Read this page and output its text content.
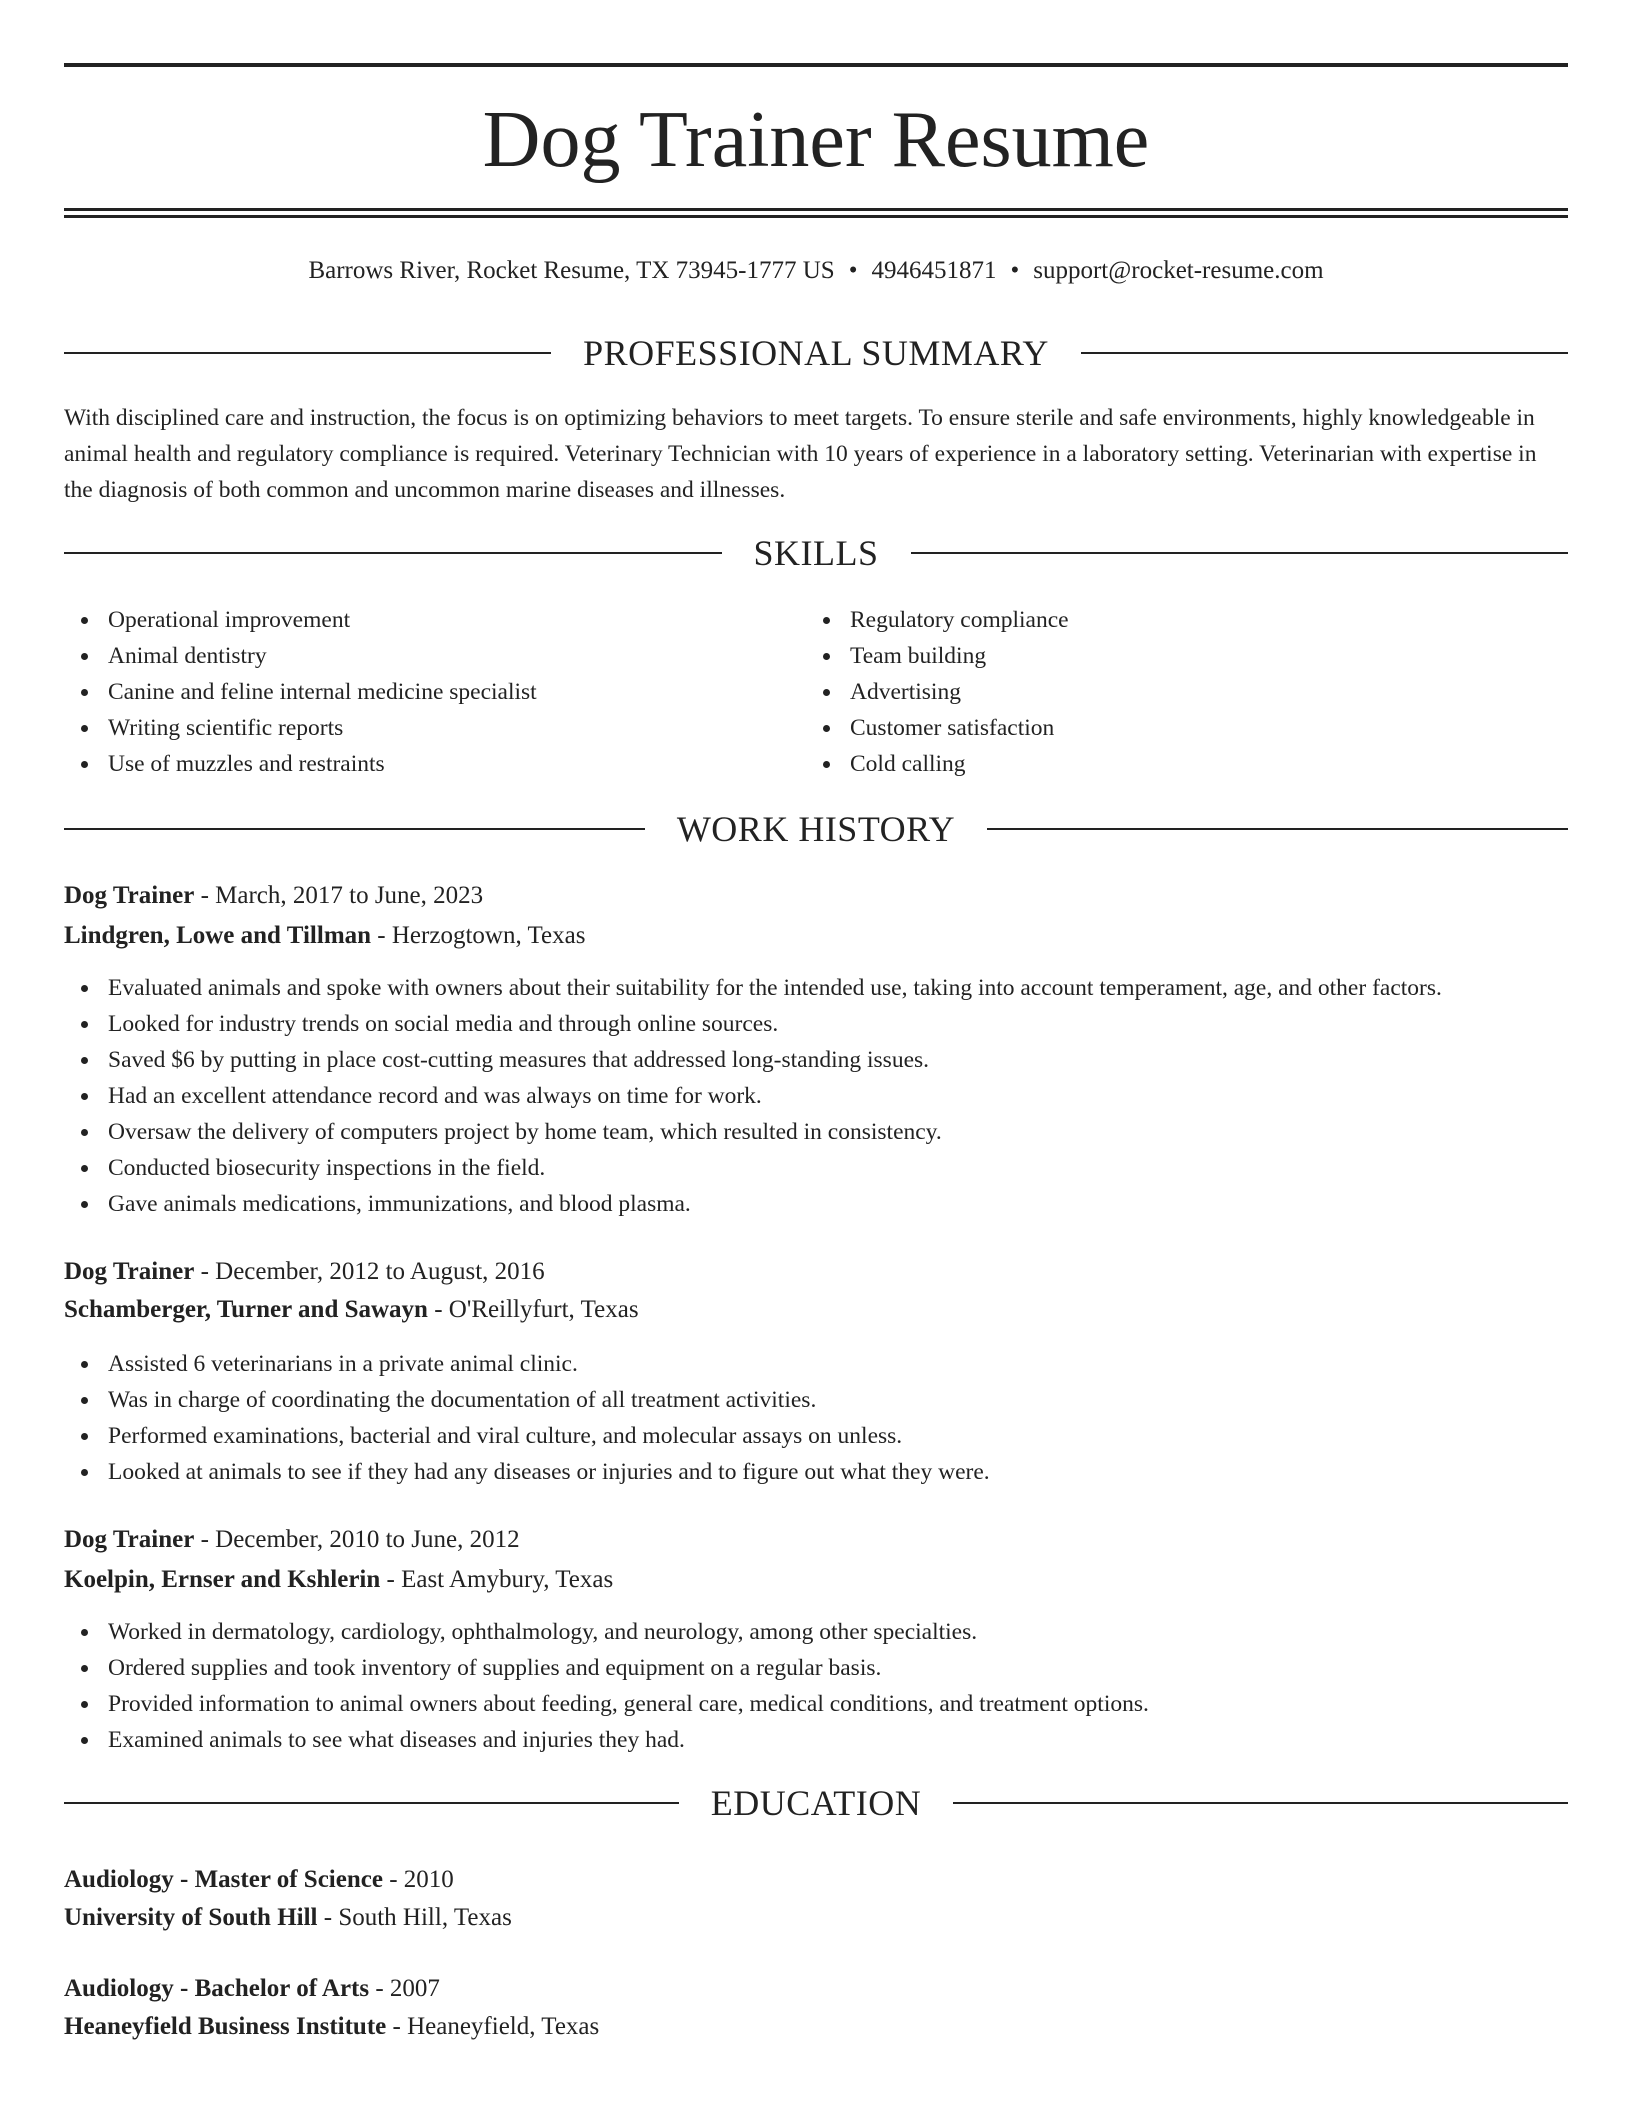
Dog Trainer Resume
Barrows River, Rocket Resume, TX 73945-1777 US • 4946451871 • support@rocket-resume.com
PROFESSIONAL SUMMARY

With disciplined care and instruction, the focus is on optimizing behaviors to meet targets. To ensure sterile and safe environments, highly knowledgeable in animal health and regulatory compliance is required. Veterinary Technician with 10 years of experience in a laboratory setting. Veterinarian with expertise in the diagnosis of both common and uncommon marine diseases and illnesses.

SKILLS
Operational improvement
Animal dentistry
Canine and feline internal medicine specialist
Writing scientific reports
Use of muzzles and restraints
Regulatory compliance
Team building
Advertising
Customer satisfaction
Cold calling
WORK HISTORY
Dog Trainer - March, 2017 to June, 2023
Lindgren, Lowe and Tillman - Herzogtown, Texas
Evaluated animals and spoke with owners about their suitability for the intended use, taking into account temperament, age, and other factors.
Looked for industry trends on social media and through online sources.
Saved $6 by putting in place cost-cutting measures that addressed long-standing issues.
Had an excellent attendance record and was always on time for work.
Oversaw the delivery of computers project by home team, which resulted in consistency.
Conducted biosecurity inspections in the field.
Gave animals medications, immunizations, and blood plasma.
Dog Trainer - December, 2012 to August, 2016
Schamberger, Turner and Sawayn - O'Reillyfurt, Texas
Assisted 6 veterinarians in a private animal clinic.
Was in charge of coordinating the documentation of all treatment activities.
Performed examinations, bacterial and viral culture, and molecular assays on unless.
Looked at animals to see if they had any diseases or injuries and to figure out what they were.
Dog Trainer - December, 2010 to June, 2012
Koelpin, Ernser and Kshlerin - East Amybury, Texas
Worked in dermatology, cardiology, ophthalmology, and neurology, among other specialties.
Ordered supplies and took inventory of supplies and equipment on a regular basis.
Provided information to animal owners about feeding, general care, medical conditions, and treatment options.
Examined animals to see what diseases and injuries they had.
EDUCATION
Audiology - Master of Science - 2010
University of South Hill - South Hill, Texas
Audiology - Bachelor of Arts - 2007
Heaneyfield Business Institute - Heaneyfield, Texas
